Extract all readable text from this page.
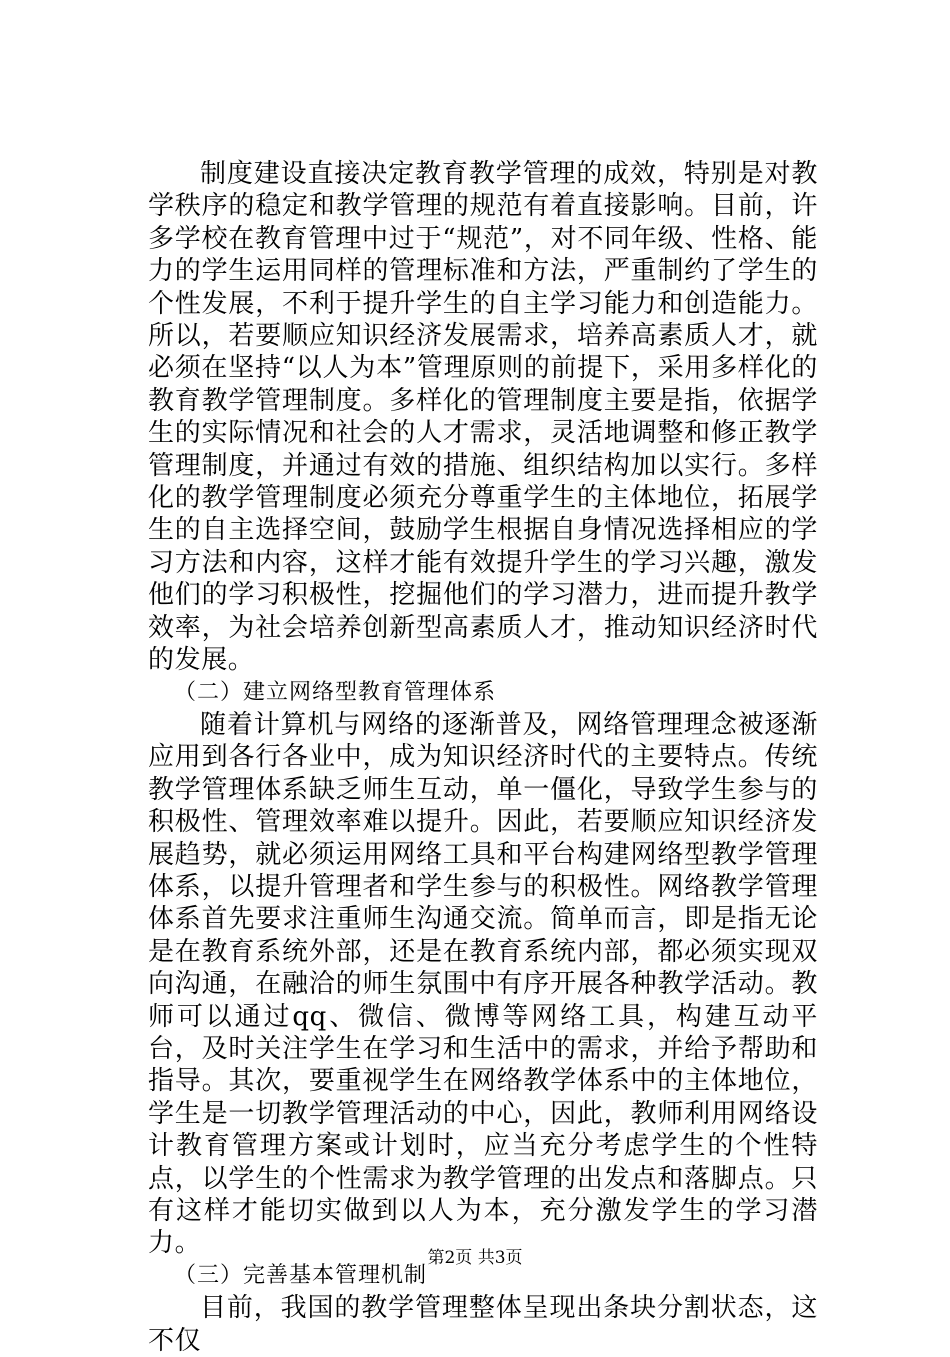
制度建设直接决定教育教学管理的成效，特别是对教学秩序的稳定和教学管理的规范有着直接影响。目前，许多学校在教育管理中过于“规范”，对不同年级、性格、能力的学生运用同样的管理标准和方法，严重制约了学生的个性发展，不利于提升学生的自主学习能力和创造能力。所以，若要顺应知识经济发展需求，培养高素质人才，就必须在坚持“以人为本”管理原则的前提下，采用多样化的教育教学管理制度。多样化的管理制度主要是指，依据学生的实际情况和社会的人才需求，灵活地调整和修正教学管理制度，并通过有效的措施、组织结构加以实行。多样化的教学管理制度必须充分尊重学生的主体地位，拓展学生的自主选择空间，鼓励学生根据自身情况选择相应的学习方法和内容，这样才能有效提升学生的学习兴趣，激发他们的学习积极性，挖掘他们的学习潜力，进而提升教学效率，为社会培养创新型高素质人才，推动知识经济时代的发展。

（二）建立网络型教育管理体系

随着计算机与网络的逐渐普及，网络管理理念被逐渐应用到各行各业中，成为知识经济时代的主要特点。传统教学管理体系缺乏师生互动，单一僵化，导致学生参与的积极性、管理效率难以提升。因此，若要顺应知识经济发展趋势，就必须运用网络工具和平台构建网络型教学管理体系，以提升管理者和学生参与的积极性。网络教学管理体系首先要求注重师生沟通交流。简单而言，即是指无论是在教育系统外部，还是在教育系统内部，都必须实现双向沟通，在融洽的师生氛围中有序开展各种教学活动。教师可以通过qq、微信、微博等网络工具，构建互动平台，及时关注学生在学习和生活中的需求，并给予帮助和指导。其次，要重视学生在网络教学体系中的主体地位，学生是一切教学管理活动的中心，因此，教师利用网络设计教育管理方案或计划时，应当充分考虑学生的个性特点，以学生的个性需求为教学管理的出发点和落脚点。只有这样才能切实做到以人为本，充分激发学生的学习潜力。

（三）完善基本管理机制

目前，我国的教学管理整体呈现出条块分割状态，这不仅

第2页 共3页
